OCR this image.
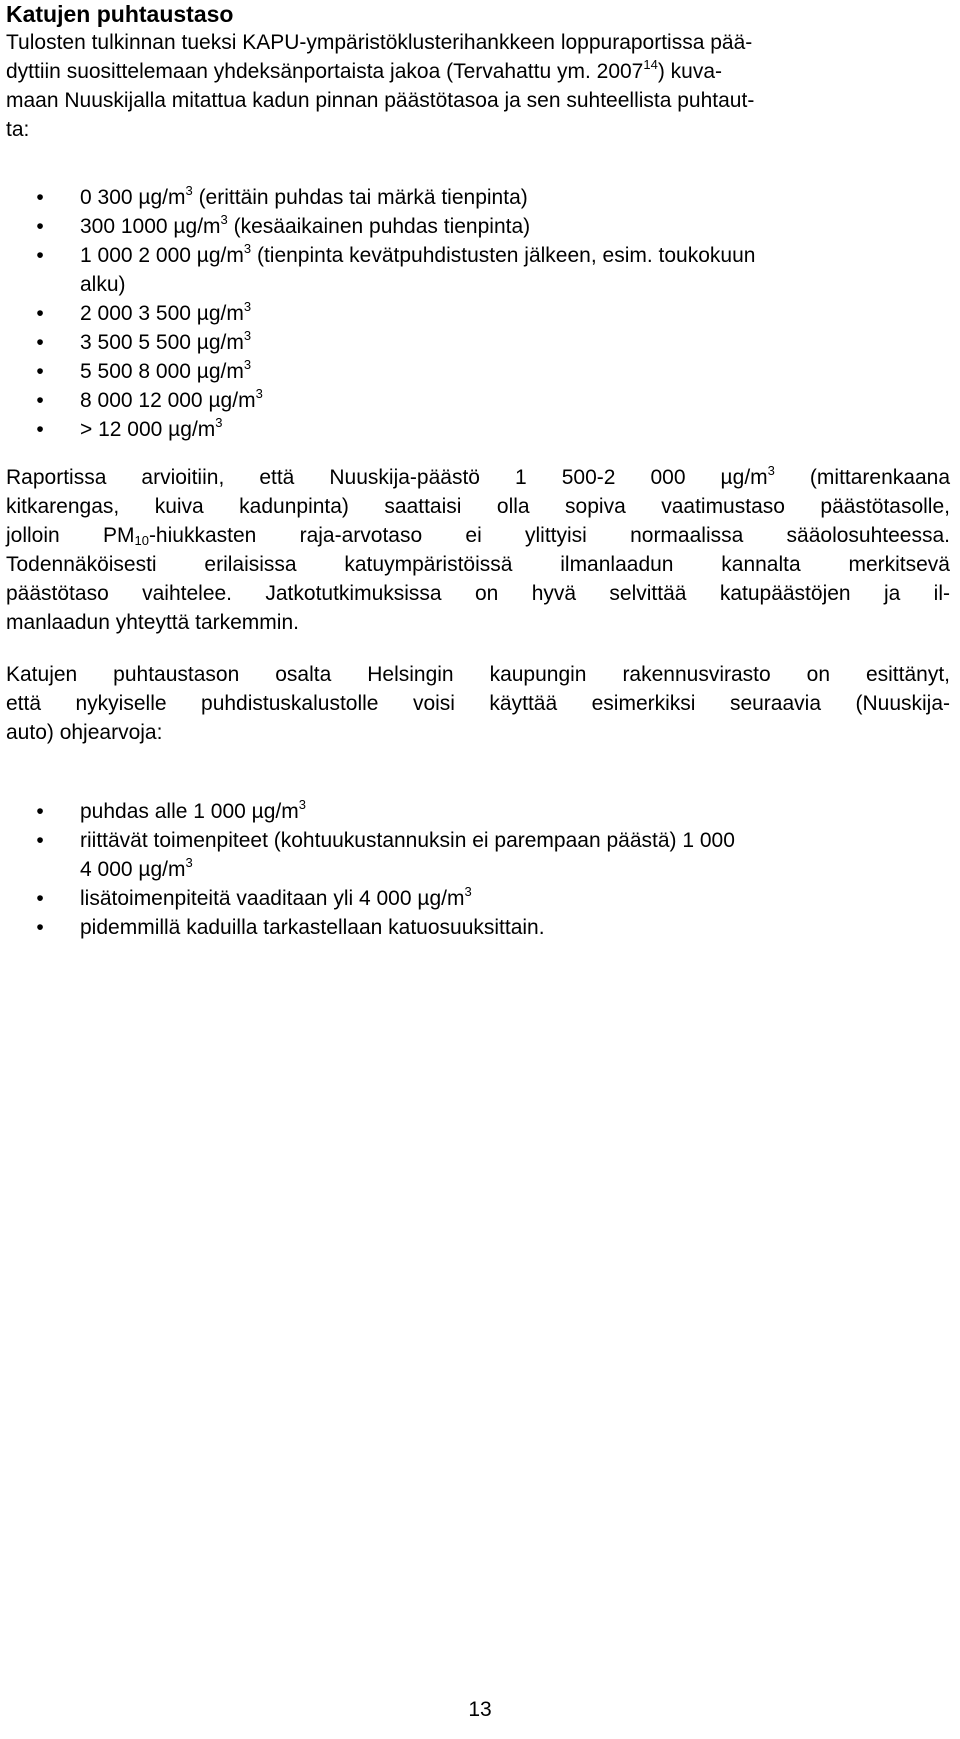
Katujen puhtaustaso
Tulosten tulkinnan tueksi KAPU-ympäristöklusterihankkeen loppuraportissa pää-
dyttiin suosittelemaan yhdeksänportaista jakoa (Tervahattu ym. 2007$^{14}$) kuva-
maan Nuuskijalla mitattua kadun pinnan päästötasoa ja sen suhteellista puhtaut-
ta:
• 0 300 $\mu g/m^3$ (erittäin puhdas tai märkä tienpinta)
• 300 1000 $\mu g/m^3$ (kesäaikainen puhdas tienpinta)
• 1 000 2 000 $\mu g/m^3$ (tienpinta kevätpuhdistusten jälkeen, esim. toukokuun
alku)
• 2 000 3 500 $\mu g/m^3$
• 3 500 5 500 $\mu g/m^3$
• 5 500 8 000 $\mu g/m^3$
• 8 000 12 000 $\mu g/m^3$
• > 12 000 $\mu g/m^3$
Raportissa arvioitiin, että Nuuskija-päästö 1 500-2 000 $\mu g/m^3$ (mittarenkaana
kitkarengas, kuiva kadunpinta) saattaisi olla sopiva vaatimustaso päästötasolle,
jolloin $PM_{10}$-hiukkasten raja-arvotaso ei ylittyisi normaalissa sääolosuhteessa.
Todennäköisesti erilaisissa katuympäristöissä ilmanlaadun kannalta merkitsevä
päästötaso vaihtelee. Jatkotutkimuksissa on hyvä selvittää katupäästöjen ja il-
manlaadun yhteyttä tarkemmin.
Katujen puhtaustason osalta Helsingin kaupungin rakennusvirasto on esittänyt,
että nykyiselle puhdistuskalustolle voisi käyttää esimerkiksi seuraavia (Nuuskija-
auto) ohjearvoja:
• puhdas alle 1 000 $\mu g/m^3$
• riittävät toimenpiteet (kohtuukustannuksin ei parempaan päästä) 1 000
4 000 $\mu g/m^3$
• lisätoimenpiteitä vaaditaan yli 4 000 $\mu g/m^3$
• pidemmillä kaduilla tarkastellaan katuosuuksittain.
13
